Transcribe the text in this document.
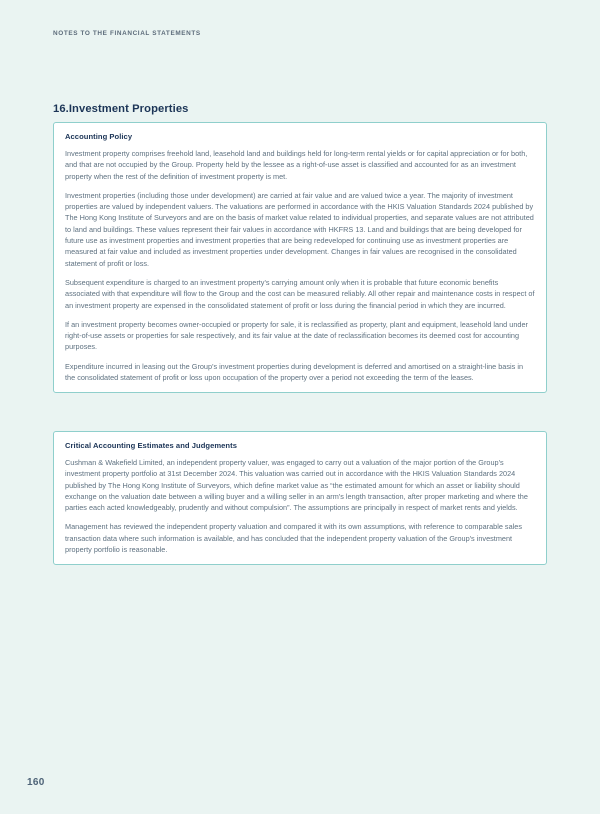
NOTES TO THE FINANCIAL STATEMENTS
16.Investment Properties
Accounting Policy

Investment property comprises freehold land, leasehold land and buildings held for long-term rental yields or for capital appreciation or for both, and that are not occupied by the Group. Property held by the lessee as a right-of-use asset is classified and accounted for as an investment property when the rest of the definition of investment property is met.

Investment properties (including those under development) are carried at fair value and are valued twice a year. The majority of investment properties are valued by independent valuers. The valuations are performed in accordance with the HKIS Valuation Standards 2024 published by The Hong Kong Institute of Surveyors and are on the basis of market value related to individual properties, and separate values are not attributed to land and buildings. These values represent their fair values in accordance with HKFRS 13. Land and buildings that are being developed for future use as investment properties and investment properties that are being redeveloped for continuing use as investment properties are measured at fair value and included as investment properties under development. Changes in fair values are recognised in the consolidated statement of profit or loss.

Subsequent expenditure is charged to an investment property's carrying amount only when it is probable that future economic benefits associated with that expenditure will flow to the Group and the cost can be measured reliably. All other repair and maintenance costs in respect of an investment property are expensed in the consolidated statement of profit or loss during the financial period in which they are incurred.

If an investment property becomes owner-occupied or property for sale, it is reclassified as property, plant and equipment, leasehold land under right-of-use assets or properties for sale respectively, and its fair value at the date of reclassification becomes its deemed cost for accounting purposes.

Expenditure incurred in leasing out the Group's investment properties during development is deferred and amortised on a straight-line basis in the consolidated statement of profit or loss upon occupation of the property over a period not exceeding the term of the leases.

Critical Accounting Estimates and Judgements

Cushman & Wakefield Limited, an independent property valuer, was engaged to carry out a valuation of the major portion of the Group's investment property portfolio at 31st December 2024. This valuation was carried out in accordance with the HKIS Valuation Standards 2024 published by The Hong Kong Institute of Surveyors, which define market value as “the estimated amount for which an asset or liability should exchange on the valuation date between a willing buyer and a willing seller in an arm's length transaction, after proper marketing and where the parties each acted knowledgeably, prudently and without compulsion”. The assumptions are principally in respect of market rents and yields.

Management has reviewed the independent property valuation and compared it with its own assumptions, with reference to comparable sales transaction data where such information is available, and has concluded that the independent property valuation of the Group's investment property portfolio is reasonable.

160
